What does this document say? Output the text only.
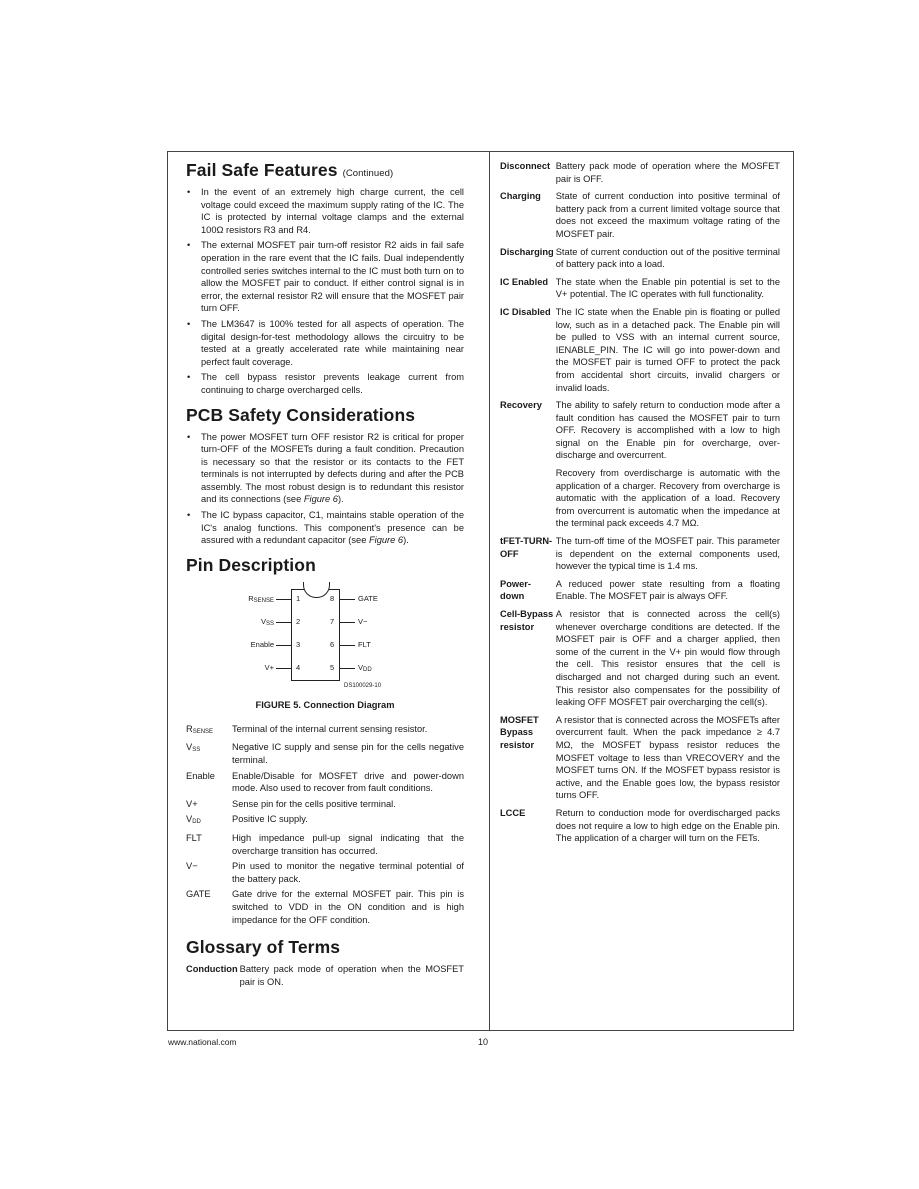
Fail Safe Features (Continued)
• In the event of an extremely high charge current, the cell voltage could exceed the maximum supply rating of the IC. The IC is protected by internal voltage clamps and the external 100Ω resistors R3 and R4.
• The external MOSFET pair turn-off resistor R2 aids in fail safe operation in the rare event that the IC fails. Dual independently controlled series switches internal to the IC must both turn on to allow the MOSFET pair to conduct. If either control signal is in error, the external resistor R2 will ensure that the MOSFET pair turn OFF.
• The LM3647 is 100% tested for all aspects of operation. The digital design-for-test methodology allows the circuitry to be tested at a greatly accelerated rate while maintaining near perfect fault coverage.
• The cell bypass resistor prevents leakage current from continuing to charge overcharged cells.
PCB Safety Considerations
• The power MOSFET turn OFF resistor R2 is critical for proper turn-OFF of the MOSFETs during a fault condition. Precaution is necessary so that the resistor or its contacts to the FET terminals is not interrupted by defects during and after the PCB assembly. The most robust design is to redundant this resistor and its connections (see Figure 6).
• The IC bypass capacitor, C1, maintains stable operation of the IC's analog functions. This component's presence can be assured with a redundant capacitor (see Figure 6).
Pin Description
DS100029-10
RSENSE	1
VSS	2
Enable	3
V+	4
GATE
8
V−
7
FLT
6
VDD
5
FIGURE 5. Connection Diagram
RSENSE	Terminal of the internal current sensing resistor.
VSS	Negative IC supply and sense pin for the cells negative terminal.
Enable	Enable/Disable for MOSFET drive and power-down mode. Also used to recover from fault conditions.
V+	Sense pin for the cells positive terminal.
VDD	Positive IC supply.
FLT	High impedance pull-up signal indicating that the overcharge transition has occurred.
V−	Pin used to monitor the negative terminal potential of the battery pack.
GATE	Gate drive for the external MOSFET pair. This pin is switched to VDD in the ON condition and is high impedance for the OFF condition.
Glossary of Terms
Conduction	Battery pack mode of operation when the MOSFET pair is ON.
Disconnect	Battery pack mode of operation where the MOSFET pair is OFF.
Charging	State of current conduction into positive terminal of battery pack from a current limited voltage source that does not exceed the maximum voltage rating of the MOSFET pair.
Discharging	State of current conduction out of the positive terminal of battery pack into a load.
IC Enabled	The state when the Enable pin potential is set to the V+ potential. The IC operates with full functionality.
IC Disabled	The IC state when the Enable pin is floating or pulled low, such as in a detached pack. The Enable pin will be pulled to VSS with an internal current source, IENABLE_PIN. The IC will go into power-down and the MOSFET pair is turned OFF to protect the pack from accidental short circuits, invalid chargers or invalid loads.
Recovery	The ability to safely return to conduction mode after a fault condition has caused the MOSFET pair to turn OFF. Recovery is accomplished with a low to high signal on the Enable pin for overcharge, over-discharge and overcurrent.
	Recovery from overdischarge is automatic with the application of a charger. Recovery from overcharge is automatic with the application of a load. Recovery from overcurrent is automatic when the impedance at the terminal pack exceeds 4.7 MΩ.
tFET-TURN-OFF	The turn-off time of the MOSFET pair. This parameter is dependent on the external components used, however the typical time is 1.4 ms.
Power-down	A reduced power state resulting from a floating Enable. The MOSFET pair is always OFF.
Cell-Bypass resistor	A resistor that is connected across the cell(s) whenever overcharge conditions are detected. If the MOSFET pair is OFF and a charger applied, then some of the current in the V+ pin would flow through the cell. This resistor ensures that the cell is discharged and not charged during such an event. This resistor also compensates for the possibility of leaking OFF MOSFET pair overcharging the cell(s).
MOSFET Bypass resistor	A resistor that is connected across the MOSFETs after overcurrent fault. When the pack impedance ≥ 4.7 MΩ, the MOSFET bypass resistor reduces the MOSFET voltage to less than VRECOVERY and the MOSFET turns ON. If the MOSFET bypass resistor is active, and the Enable goes low, the bypass resistor turns OFF.
LCCE	Return to conduction mode for overdischarged packs does not require a low to high edge on the Enable pin. The application of a charger will turn on the FETs.
www.national.com	10
